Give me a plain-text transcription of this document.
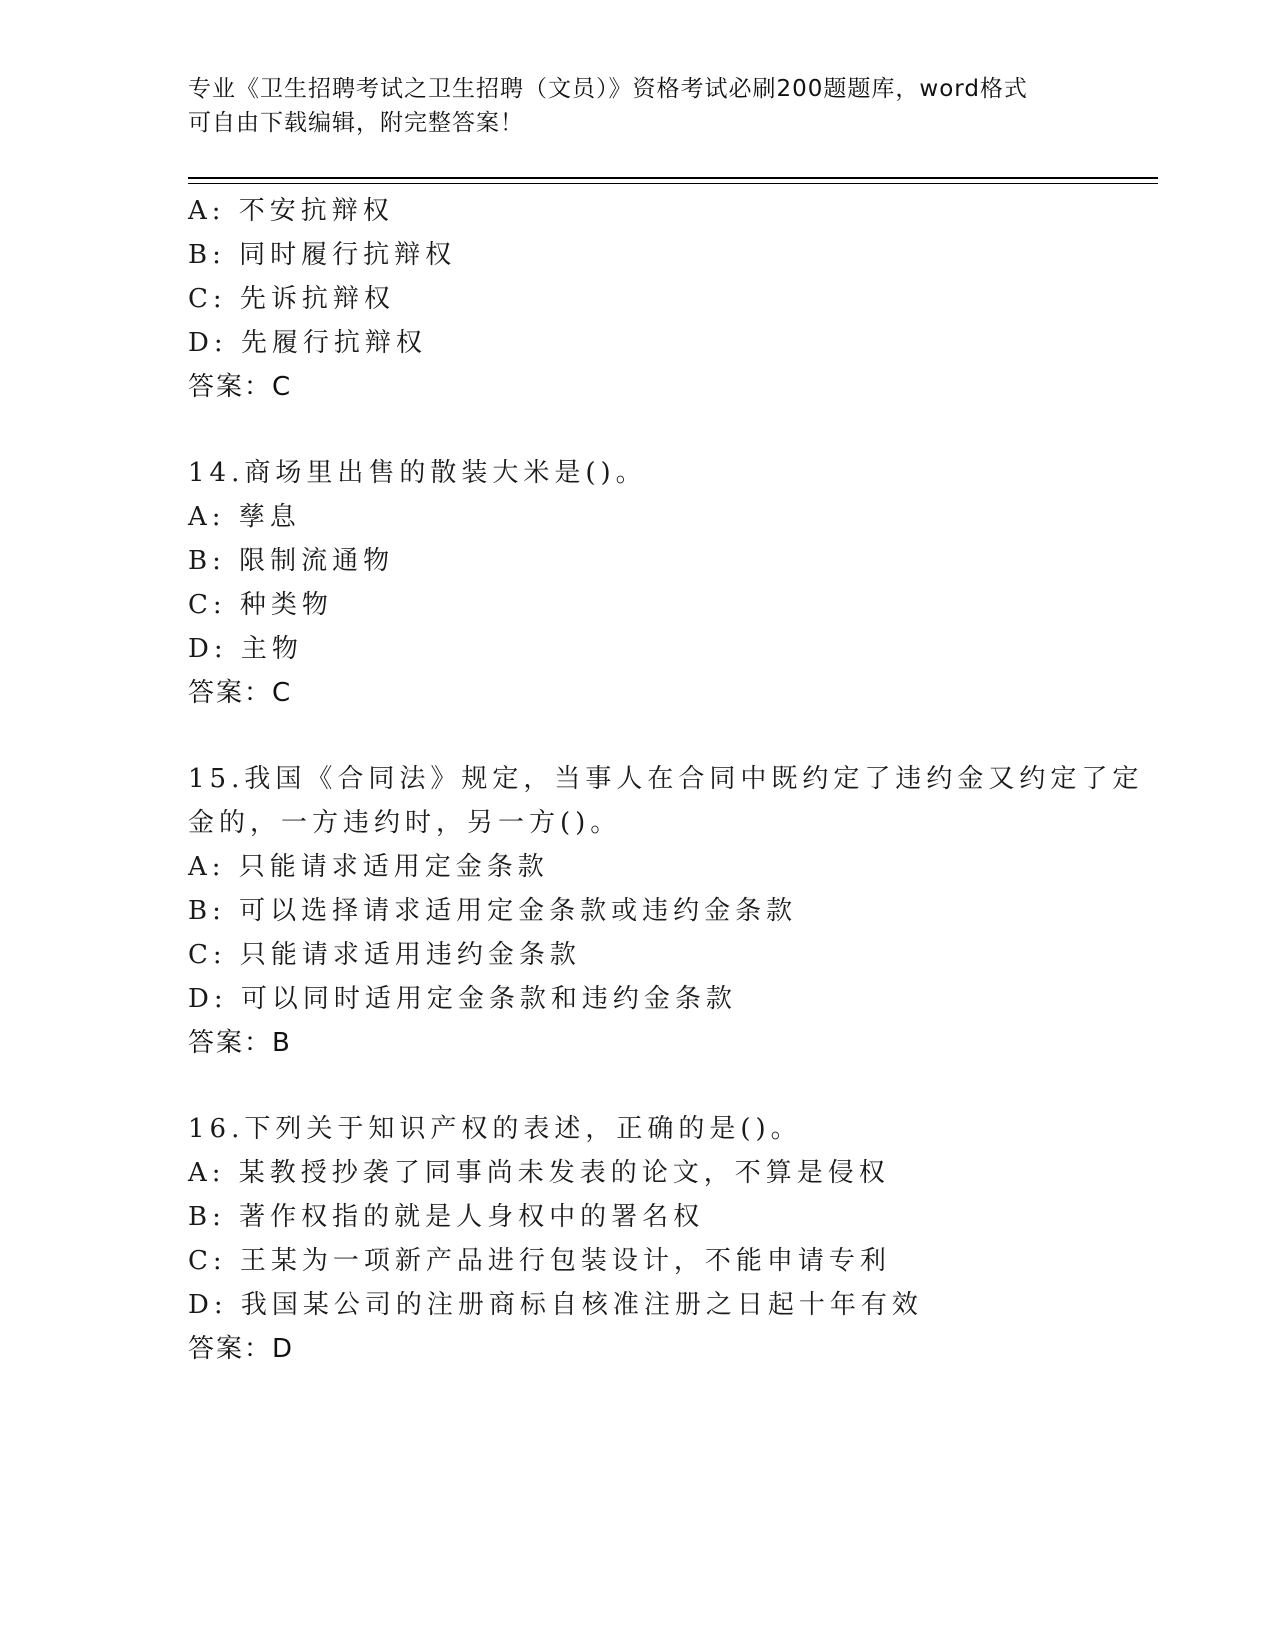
专业《卫生招聘考试之卫生招聘（文员）》资格考试必刷200题题库，word格式
可自由下载编辑，附完整答案！
A: 不安抗辩权
B: 同时履行抗辩权
C: 先诉抗辩权
D: 先履行抗辩权
答案：C
14.商场里出售的散装大米是()。
A: 孳息
B: 限制流通物
C: 种类物
D: 主物
答案：C
15.我国《合同法》规定，当事人在合同中既约定了违约金又约定了定
金的，一方违约时，另一方()。
A: 只能请求适用定金条款
B: 可以选择请求适用定金条款或违约金条款
C: 只能请求适用违约金条款
D: 可以同时适用定金条款和违约金条款
答案：B
16.下列关于知识产权的表述，正确的是()。
A: 某教授抄袭了同事尚未发表的论文，不算是侵权
B: 著作权指的就是人身权中的署名权
C: 王某为一项新产品进行包装设计，不能申请专利
D: 我国某公司的注册商标自核准注册之日起十年有效
答案：D
